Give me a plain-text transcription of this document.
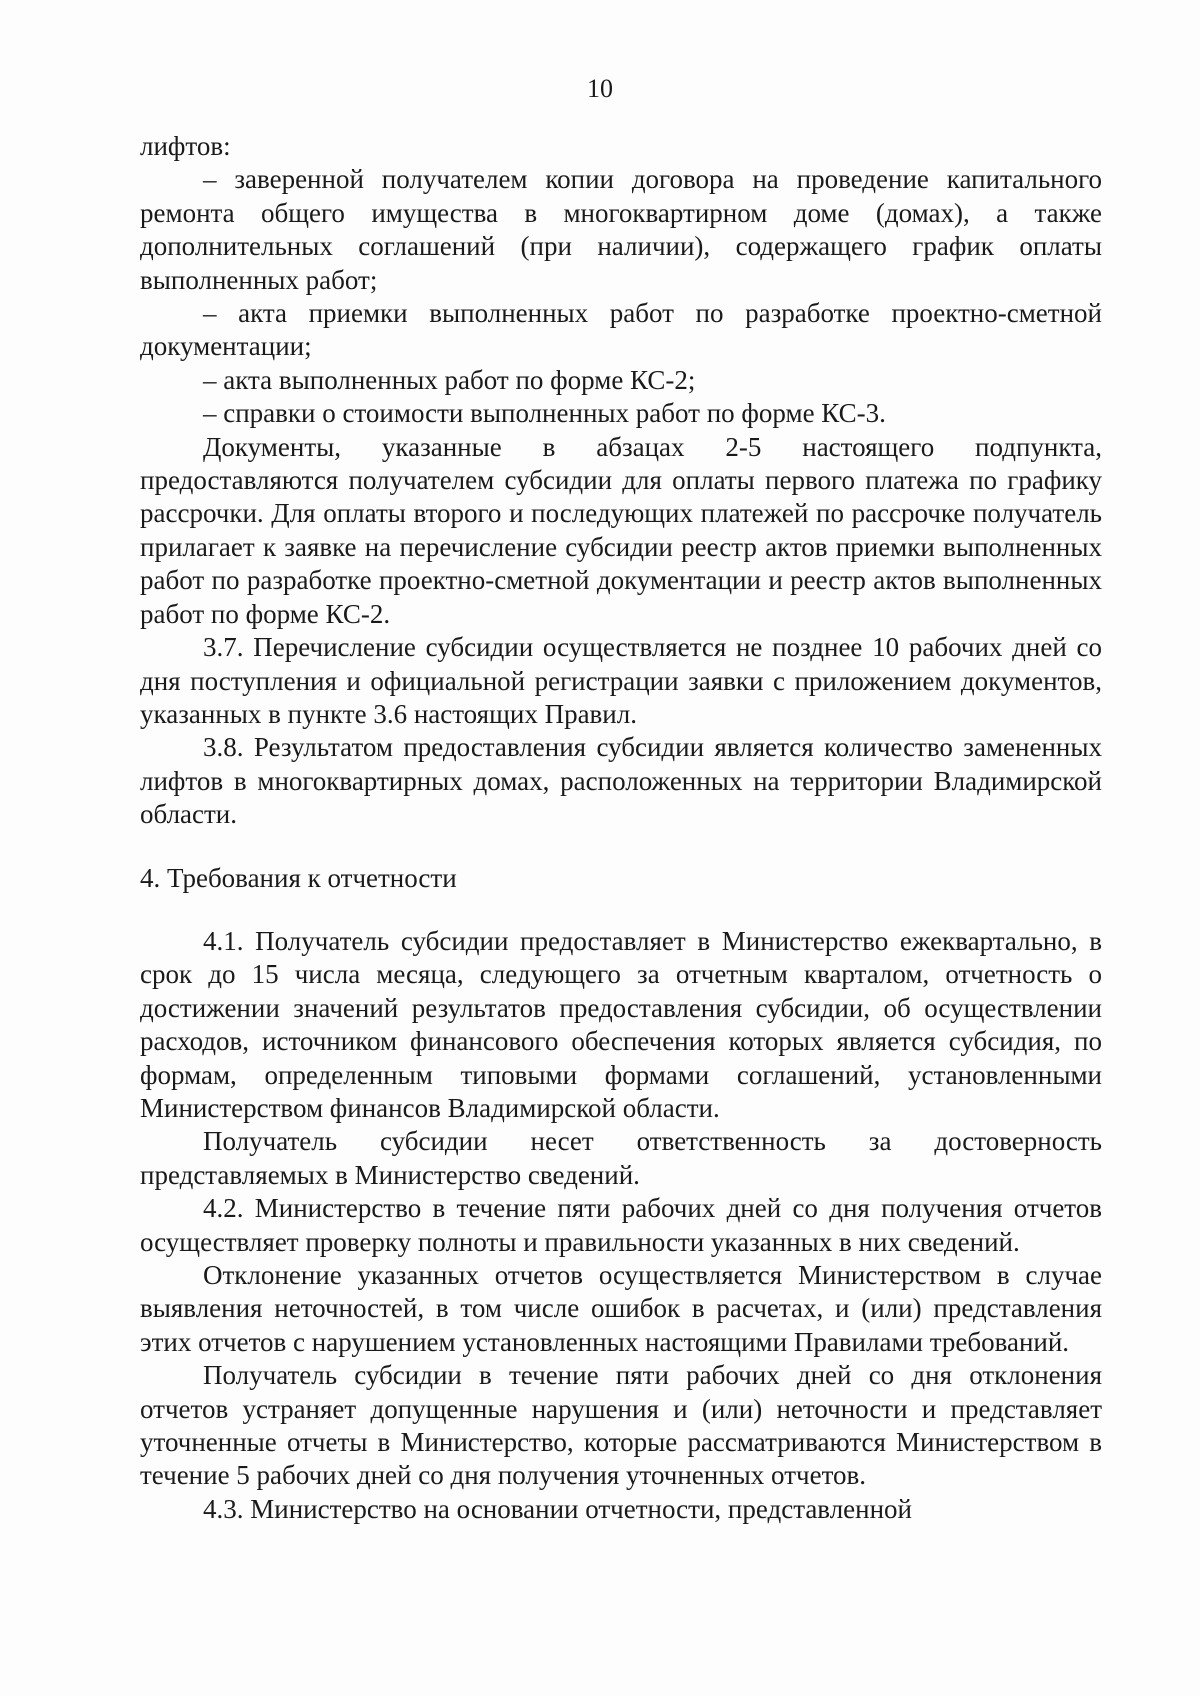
10

лифтов:

– заверенной получателем копии договора на проведение капитального ремонта общего имущества в многоквартирном доме (домах), а также дополнительных соглашений (при наличии), содержащего график оплаты выполненных работ;

– акта приемки выполненных работ по разработке проектно-сметной документации;

– акта выполненных работ по форме КС-2;

– справки о стоимости выполненных работ по форме КС-3.

Документы, указанные в абзацах 2-5 настоящего подпункта, предоставляются получателем субсидии для оплаты первого платежа по графику рассрочки. Для оплаты второго и последующих платежей по рассрочке получатель прилагает к заявке на перечисление субсидии реестр актов приемки выполненных работ по разработке проектно-сметной документации и реестр актов выполненных работ по форме КС-2.

3.7. Перечисление субсидии осуществляется не позднее 10 рабочих дней со дня поступления и официальной регистрации заявки с приложением документов, указанных в пункте 3.6 настоящих Правил.

3.8. Результатом предоставления субсидии является количество замененных лифтов в многоквартирных домах, расположенных на территории Владимирской области.

4. Требования к отчетности

4.1. Получатель субсидии предоставляет в Министерство ежеквартально, в срок до 15 числа месяца, следующего за отчетным кварталом, отчетность о достижении значений результатов предоставления субсидии, об осуществлении расходов, источником финансового обеспечения которых является субсидия, по формам, определенным типовыми формами соглашений, установленными Министерством финансов Владимирской области.

Получатель субсидии несет ответственность за достоверность представляемых в Министерство сведений.

4.2. Министерство в течение пяти рабочих дней со дня получения отчетов осуществляет проверку полноты и правильности указанных в них сведений.

Отклонение указанных отчетов осуществляется Министерством в случае выявления неточностей, в том числе ошибок в расчетах, и (или) представления этих отчетов с нарушением установленных настоящими Правилами требований.

Получатель субсидии в течение пяти рабочих дней со дня отклонения отчетов устраняет допущенные нарушения и (или) неточности и представляет уточненные отчеты в Министерство, которые рассматриваются Министерством в течение 5 рабочих дней со дня получения уточненных отчетов.

4.3. Министерство на основании отчетности, представленной
